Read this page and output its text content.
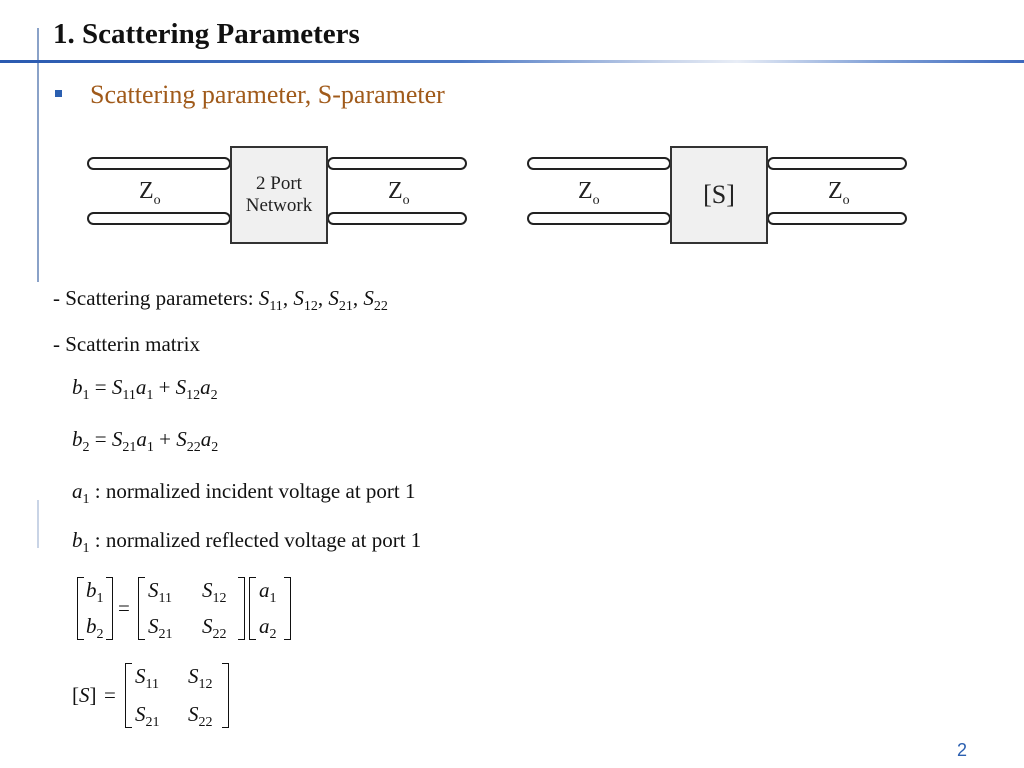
1. Scattering Parameters
Scattering parameter, S-parameter
2 Port
Network
$Z_o$	$Z_o$	[S]
$Z_o$	$Z_o$
- Scattering parameters: $S_{11}$, $S_{12}$, $S_{21}$, $S_{22}$
- Scatterin matrix
$b_1 = S_{11}a_1 + S_{12}a_2$
$b_2 = S_{21}a_1 + S_{22}a_2$
$a_1$ : normalized incident voltage at port 1
$b_1$ : normalized reflected voltage at port 1
$b_1$
$b_2$
=
$S_{11}$ $S_{12}$
$S_{21}$ $S_{22}$
$a_1$
$a_2$
[S] =
$S_{11}$ $S_{12}$
$S_{21}$ $S_{22}$
2
